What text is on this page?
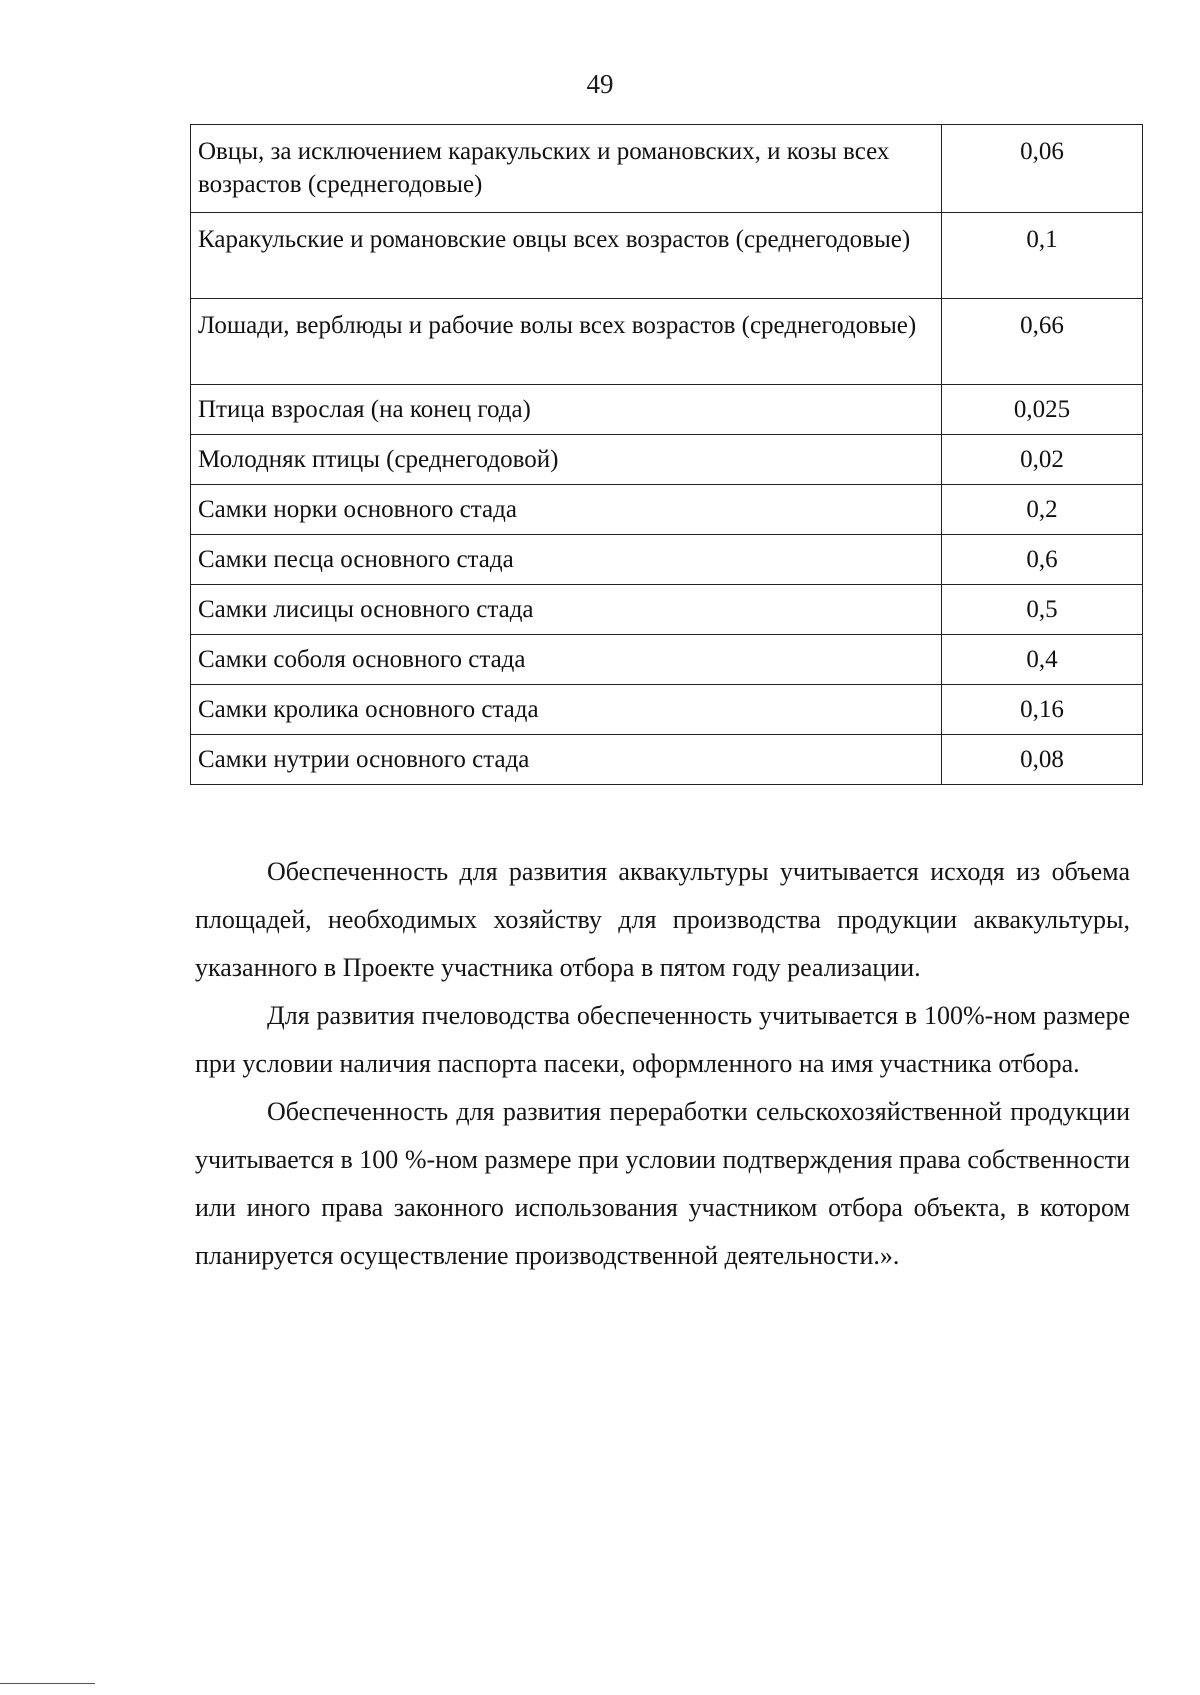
49
Овцы, за исключением каракульских и романовских, и козы всех возрастов (среднегодовые)	0,06
Каракульские и романовские овцы всех возрастов (среднегодовые)	0,1
Лошади, верблюды и рабочие волы всех возрастов (среднегодовые)	0,66
Птица взрослая (на конец года)	0,025
Молодняк птицы (среднегодовой)	0,02
Самки норки основного стада	0,2
Самки песца основного стада	0,6
Самки лисицы основного стада	0,5
Самки соболя основного стада	0,4
Самки кролика основного стада	0,16
Самки нутрии основного стада	0,08

Обеспеченность для развития аквакультуры учитывается исходя из объема площадей, необходимых хозяйству для производства продукции аквакультуры, указанного в Проекте участника отбора в пятом году реализации.

Для развития пчеловодства обеспеченность учитывается в 100%-ном размере при условии наличия паспорта пасеки, оформленного на имя участника отбора.

Обеспеченность для развития переработки сельскохозяйственной продукции учитывается в 100 %-ном размере при условии подтверждения права собственности или иного права законного использования участником отбора объекта, в котором планируется осуществление производственной деятельности.».
